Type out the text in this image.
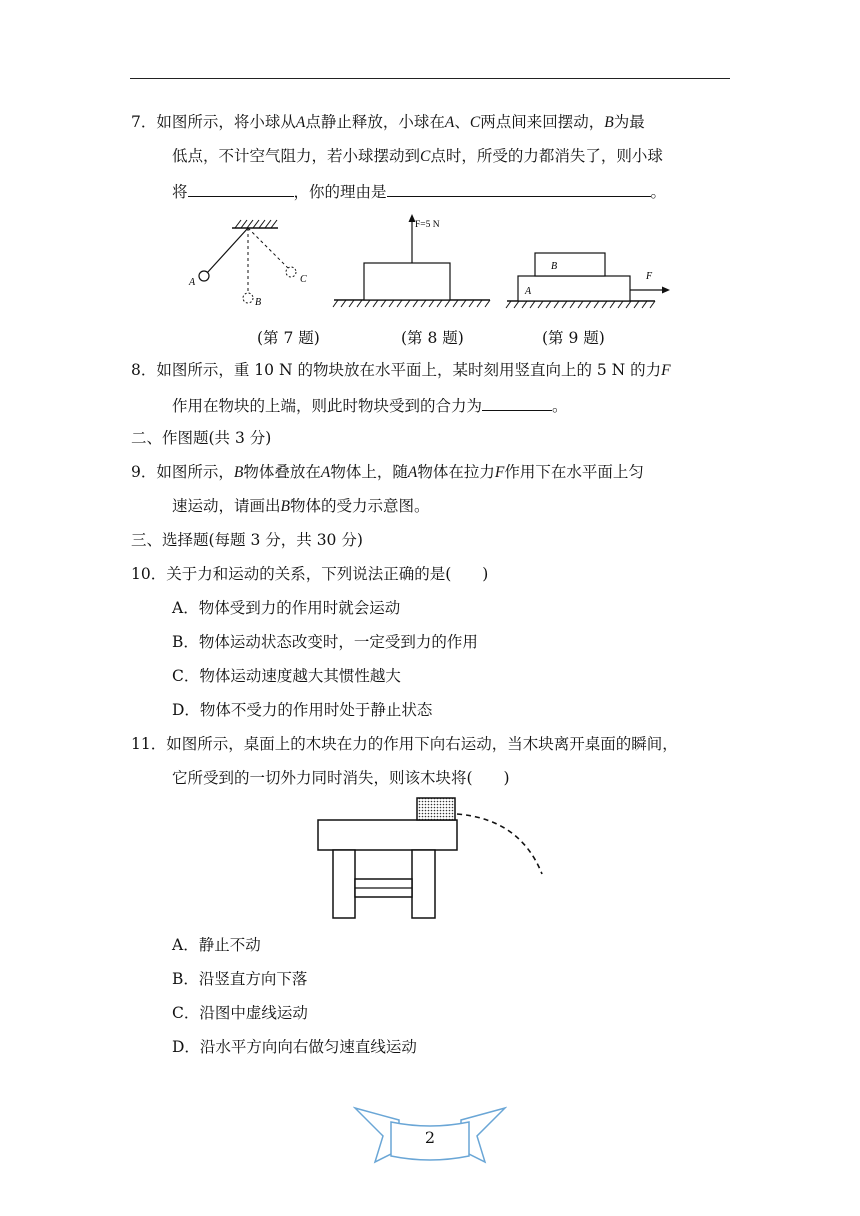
7．如图所示，将小球从A点静止释放，小球在A、C两点间来回摆动，B为最
低点，不计空气阻力，若小球摆动到C点时，所受的力都消失了，则小球
将	，你的理由是	。
A
B
C
F=5 N
A
B
F
(第 7 题)	(第 8 题)	(第 9 题)
8．如图所示，重 10 N 的物块放在水平面上，某时刻用竖直向上的 5 N 的力F
作用在物块的上端，则此时物块受到的合力为	。
二、作图题(共 3 分)
9．如图所示，B物体叠放在A物体上，随A物体在拉力F作用下在水平面上匀
速运动，请画出B物体的受力示意图。
三、选择题(每题 3 分，共 30 分)
10．关于力和运动的关系，下列说法正确的是(　　)
A．物体受到力的作用时就会运动
B．物体运动状态改变时，一定受到力的作用
C．物体运动速度越大其惯性越大
D．物体不受力的作用时处于静止状态
11．如图所示，桌面上的木块在力的作用下向右运动，当木块离开桌面的瞬间，
它所受到的一切外力同时消失，则该木块将(　　)
A．静止不动
B．沿竖直方向下落
C．沿图中虚线运动
D．沿水平方向向右做匀速直线运动
2
